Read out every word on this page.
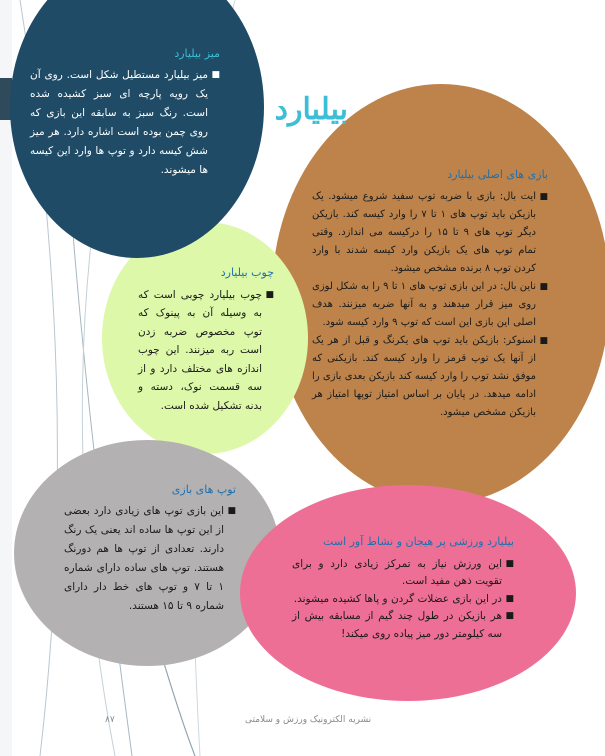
بیلیارد
میز بیلیارد
■
میز بیلیارد مستطیل شکل است. روی آن یک رویه پارچه ای سبز کشیده شده است. رنگ سبز به سابقه این بازی که روی چمن بوده است اشاره دارد. هر میز شش کیسه دارد و توپ ها وارد این کیسه ها میشوند.	بازی های اصلی بیلیارد
■
ایت بال: بازی با ضربه توپ سفید شروع میشود. یک بازیکن باید توپ های ۱ تا ۷ را وارد کیسه کند. بازیکن دیگر توپ های ۹ تا ۱۵ را درکیسه می اندازد. وقتی تمام توپ های یک بازیکن وارد کیسه شدند با وارد کردن توپ ۸ برنده مشخص میشود.
■
ناین بال: در این بازی توپ های ۱ تا ۹ را به شکل لوزی روی میز قرار میدهند و به آنها ضربه میزنند. هدف اصلی این بازی این است که توپ ۹ وارد کیسه شود.
■
اسنوکر: بازیکن باید توپ های یکرنگ و قبل از هر یک از آنها یک توپ قرمز را وارد کیسه کند. بازیکنی که موفق نشد توپ را وارد کیسه کند بازیکن بعدی بازی را ادامه میدهد. در پایان بر اساس امتیاز توپها امتیاز هر بازیکن مشخص میشود.
چوب بیلیارد
■
چوب بیلیارد چوبی است که به وسیله آن به پینوک که توپ مخصوص ضربه زدن است ربه میزنند. این چوب اندازه های مختلف دارد و از سه قسمت نوک، دسته و بدنه تشکیل شده است.
توپ های بازی
■
این بازی توپ های زیادی دارد بعضی از این توپ ها ساده اند یعنی یک رنگ دارند. تعدادی از توپ ها هم دورنگ هستند. توپ های ساده دارای شماره ۱ تا ۷ و توپ های خط دار دارای شماره ۹ تا ۱۵ هستند.
بیلیارد ورزشی پر هیجان و نشاط آور است
■
این ورزش نیاز به تمرکز زیادی دارد و برای تقویت ذهن مفید است.
■
در این بازی عضلات گردن و پاها کشیده میشوند.
■
هر بازیکن در طول چند گیم از مسابقه بیش از سه کیلومتر دور میز پیاده روی میکند!
نشریه الکترونیک ورزش و سلامتی
۸۷
